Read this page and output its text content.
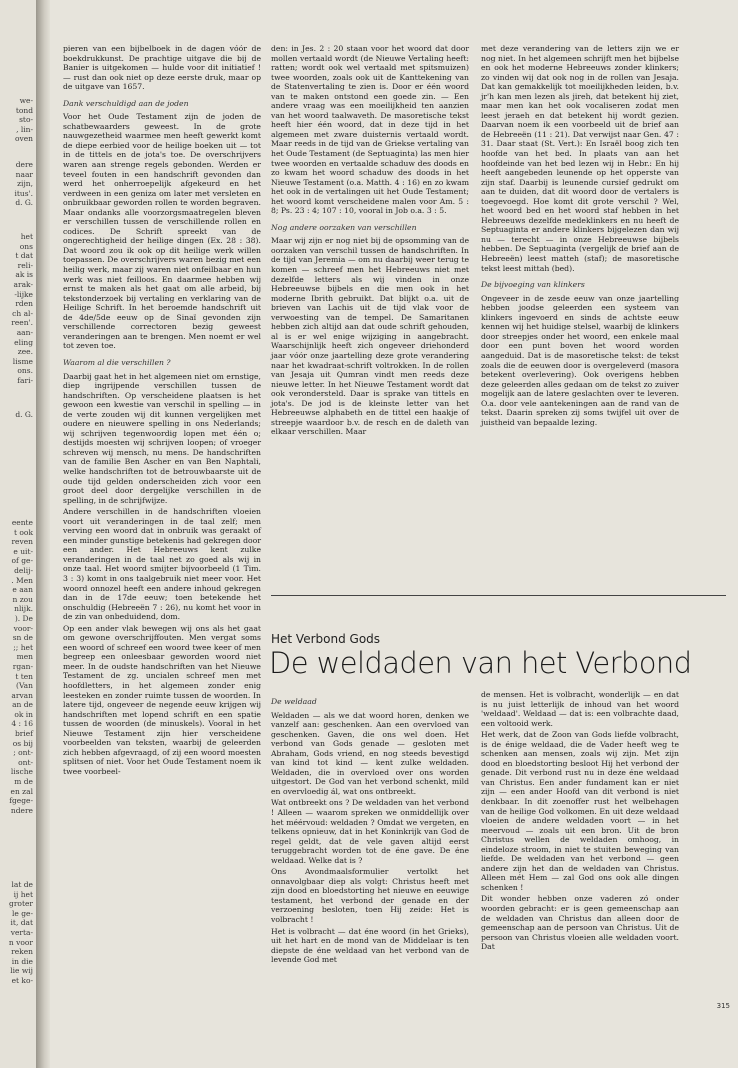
we-
tond
sto-
, lin-
oven
dere
naar
zijn,
itus'.
d. G.
het
ons
t dat
reli-
ak is
arak-
-lijke
rden
ch al-
reen'.
aan-
eling
zee.
lisme
ons.
fari-
d. G.
eente
t ook
reven
e uit-
of ge-
delij-
. Men
e aan
n zou
nlijk.
). De
voor-
sn de
;; het
men
rgan-
t ten
(Van
arvan
an de
ok in
4 : 16
brief
os bij
; ont-
ont-
lische
m de
en zal
fgege-
ndere
lat de
ij het
groter
le ge-
it, dat
verta-
n voor
reken
in die
lie wij
et ko-

pieren van een bijbelboek in de dagen vóór de boekdrukkunst. De prachtige uitgave die bij de Banier is uitgekomen — hulde voor dit initiatief ! — rust dan ook niet op deze eerste druk, maar op de uitgave van 1657.

Dank verschuldigd aan de joden

Voor het Oude Testament zijn de joden de schatbewaarders geweest. In de grote nauwgezetheid waarmee men heeft gewerkt komt de diepe eerbied voor de heilige boeken uit — tot in de tittels en de jota's toe. De overschrijvers waren aan strenge regels gebonden. Werden er teveel fouten in een handschrift gevonden dan werd het onherroepelijk afgekeurd en het verdween in een geniza om later met versleten en onbruikbaar geworden rollen te worden begraven. Maar ondanks alle voorzorgsmaatregelen bleven er verschillen tussen de verschillende rollen en codices. De Schrift spreekt van de ongerechtigheid der heilige dingen (Ex. 28 : 38). Dat woord zou ik ook op dit heilige werk willen toepassen. De overschrijvers waren bezig met een heilig werk, maar zij waren niet onfeilbaar en hun werk was niet feilloos. En daarmee hebben wij ernst te maken als het gaat om alle arbeid, bij tekstonderzoek bij vertaling en verklaring van de Heilige Schrift. In het beroemde handschrift uit de 4de/5de eeuw op de Sinaï gevonden zijn verschillende correctoren bezig geweest veranderingen aan te brengen. Men noemt er wel tot zeven toe.

Waarom al die verschillen ?

Daarbij gaat het in het algemeen niet om ernstige, diep ingrijpende verschillen tussen de handschriften. Op verscheidene plaatsen is het gewoon een kwestie van verschil in spelling — in de verte zouden wij dit kunnen vergelijken met oudere en nieuwere spelling in ons Nederlands; wij schrijven tegenwoordig lopen met één o; destijds moesten wij schrijven loopen; of vroeger schreven wij mensch, nu mens. De handschriften van de familie Ben Ascher en van Ben Naphtali, welke handschriften tot de betrouwbaarste uit de oude tijd gelden onderscheiden zich voor een groot deel door dergelijke verschillen in de spelling, in de schrijfwijze.

Andere verschillen in de handschriften vloeien voort uit veranderingen in de taal zelf; men verving een woord dat in onbruik was geraakt of een minder gunstige betekenis had gekregen door een ander. Het Hebreeuws kent zulke veranderingen in de taal net zo goed als wij in onze taal. Het woord smijter bijvoorbeeld (1 Tim. 3 : 3) komt in ons taalgebruik niet meer voor. Het woord onnozel heeft een andere inhoud gekregen dan in de 17de eeuw; toen betekende het onschuldig (Hebreeën 7 : 26), nu komt het voor in de zin van onbeduidend, dom.

Op een ander vlak bewegen wij ons als het gaat om gewone overschrijffouten. Men vergat soms een woord of schreef een woord twee keer of men begreep een onleesbaar geworden woord niet meer. In de oudste handschriften van het Nieuwe Testament de zg. uncialen schreef men met hoofdletters, in het algemeen zonder enig leesteken en zonder ruimte tussen de woorden. In latere tijd, ongeveer de negende eeuw krijgen wij handschriften met lopend schrift en een spatie tussen de woorden (de minuskels). Vooral in het Nieuwe Testament zijn hier verscheidene voorbeelden van teksten, waarbij de geleerden zich hebben afgevraagd, of zij een woord moesten splitsen of niet. Voor het Oude Testament noem ik twee voorbeel-

den: in Jes. 2 : 20 staan voor het woord dat door mollen vertaald wordt (de Nieuwe Vertaling heeft: ratten; wordt ook wel vertaald met spitsmuizen) twee woorden, zoals ook uit de Kanttekening van de Statenvertaling te zien is. Door er één woord van te maken ontstond een goede zin. — Een andere vraag was een moeilijkheid ten aanzien van het woord taalwaveth. De masoretische tekst heeft hier één woord, dat in deze tijd in het algemeen met zware duisternis vertaald wordt. Maar reeds in de tijd van de Griekse vertaling van het Oude Testament (de Septuaginta) las men hier twee woorden en vertaalde schaduw des doods en zo kwam het woord schaduw des doods in het Nieuwe Testament (o.a. Matth. 4 : 16) en zo kwam het ook in de vertalingen uit het Oude Testament; het woord komt verscheidene malen voor Am. 5 : 8; Ps. 23 : 4; 107 : 10, vooral in Job o.a. 3 : 5.

Nog andere oorzaken van verschillen

Maar wij zijn er nog niet bij de opsomming van de oorzaken van verschil tussen de handschriften. In de tijd van Jeremia — om nu daarbij weer terug te komen — schreef men het Hebreeuws niet met dezelfde letters als wij vinden in onze Hebreeuwse bijbels en die men ook in het moderne Ibrith gebruikt. Dat blijkt o.a. uit de brieven van Lachis uit de tijd vlak voor de verwoesting van de tempel. De Samaritanen hebben zich altijd aan dat oude schrift gehouden, al is er wel enige wijziging in aangebracht. Waarschijnlijk heeft zich ongeveer driehonderd jaar vóór onze jaartelling deze grote verandering naar het kwadraat-schrift voltrokken. In de rollen van Jesaja uit Qumran vindt men reeds deze nieuwe letter. In het Nieuwe Testament wordt dat ook verondersteld. Daar is sprake van tittels en jota's. De jod is de kleinste letter van het Hebreeuwse alphabeth en de tittel een haakje of streepje waardoor b.v. de resch en de daleth van elkaar verschillen. Maar

met deze verandering van de letters zijn we er nog niet. In het algemeen schrijft men het bijbelse en ook het moderne Hebreeuws zonder klinkers; zo vinden wij dat ook nog in de rollen van Jesaja. Dat kan gemakkelijk tot moeilijkheden leiden, b.v. jr'h kan men lezen als jireh, dat betekent hij ziet, maar men kan het ook vocaliseren zodat men leest jeraeh en dat betekent hij wordt gezien. Daarvan noem ik een voorbeeld uit de brief aan de Hebreeën (11 : 21). Dat verwijst naar Gen. 47 : 31. Daar staat (St. Vert.): En Israël boog zich ten hoofde van het bed. In plaats van aan het hoofdeinde van het bed lezen wij in Hebr.: En hij heeft aangebeden leunende op het opperste van zijn staf. Daarbij is leunende cursief gedrukt om aan te duiden, dat dit woord door de vertalers is toegevoegd. Hoe komt dit grote verschil ? Wel, het woord bed en het woord staf hebben in het Hebreeuws dezelfde medeklinkers en nu heeft de Septuaginta er andere klinkers bijgelezen dan wij nu — terecht — in onze Hebreeuwse bijbels hebben. De Septuaginta (vergelijk de brief aan de Hebreeën) leest matteh (staf); de masoretische tekst leest mittah (bed).

De bijvoeging van klinkers

Ongeveer in de zesde eeuw van onze jaartelling hebben joodse geleerden een systeem van klinkers ingevoerd en sinds de achtste eeuw kennen wij het huidige stelsel, waarbij de klinkers door streepjes onder het woord, een enkele maal door een punt boven het woord worden aangeduid. Dat is de masoretische tekst: de tekst zoals die de eeuwen door is overgeleverd (masora betekent overlevering). Ook overigens hebben deze geleerden alles gedaan om de tekst zo zuiver mogelijk aan de latere geslachten over te leveren. O.a. door vele aantekeningen aan de rand van de tekst. Daarin spreken zij soms twijfel uit over de juistheid van bepaalde lezing.

Het Verbond Gods
De weldaden van het Verbond

De weldaad

Weldaden — als we dat woord horen, denken we vanzelf aan: geschenken. Aan een overvloed van geschenken. Gaven, die ons wel doen. Het verbond van Gods genade — gesloten met Abraham, Gods vriend, en nog steeds bevestigd van kind tot kind — kent zulke weldaden. Weldaden, die in overvloed over ons worden uitgestort. De God van het verbond schenkt, mild en overvloedig ál, wat ons ontbreekt.

Wat ontbreekt ons ? De weldaden van het verbond ! Alleen — waarom spreken we onmiddellijk over het méérvoud: weldaden ? Omdat we vergeten, en telkens opnieuw, dat in het Koninkrijk van God de regel geldt, dat de vele gaven altijd eerst teruggebracht worden tot de éne gave. De éne weldaad. Welke dat is ?

Ons Avondmaalsformulier vertolkt het onnavolgbaar diep als volgt: Christus heeft met zijn dood en bloedstorting het nieuwe en eeuwige testament, het verbond der genade en der verzoening besloten, toen Hij zeide: Het is volbracht !

Het is volbracht — dat éne woord (in het Grieks), uit het hart en de mond van de Middelaar is ten diepste de éne weldaad van het verbond van de levende God met

de mensen. Het is volbracht, wonderlijk — en dat is nu juist letterlijk de inhoud van het woord 'weldaad'. Weldaad — dat is: een volbrachte daad, een voltooid werk.

Het werk, dat de Zoon van Gods liefde volbracht, is de énige weldaad, die de Vader heeft weg te schenken aan mensen, zoals wij zijn. Met zijn dood en bloedstorting besloot Hij het verbond der genade. Dit verbond rust nu in deze éne weldaad van Christus. Een ander fundament kan er niet zijn — een ander Hoofd van dit verbond is niet denkbaar. In dit zoenoffer rust het welbehagen van de heilige God volkomen. En uit deze weldaad vloeien de andere weldaden voort — in het meervoud — zoals uit een bron. Uit de bron Christus wellen de weldaden omhoog, in eindeloze stroom, in niet te stuiten beweging van liefde. De weldaden van het verbond — geen andere zijn het dan de weldaden van Christus. Alleen mét Hem — zal God ons ook alle dingen schenken !

Dit wonder hebben onze vaderen zó onder woorden gebracht: er is geen gemeenschap aan de weldaden van Christus dan alleen door de gemeenschap aan de persoon van Christus. Uit de persoon van Christus vloeien alle weldaden voort. Dat

315
